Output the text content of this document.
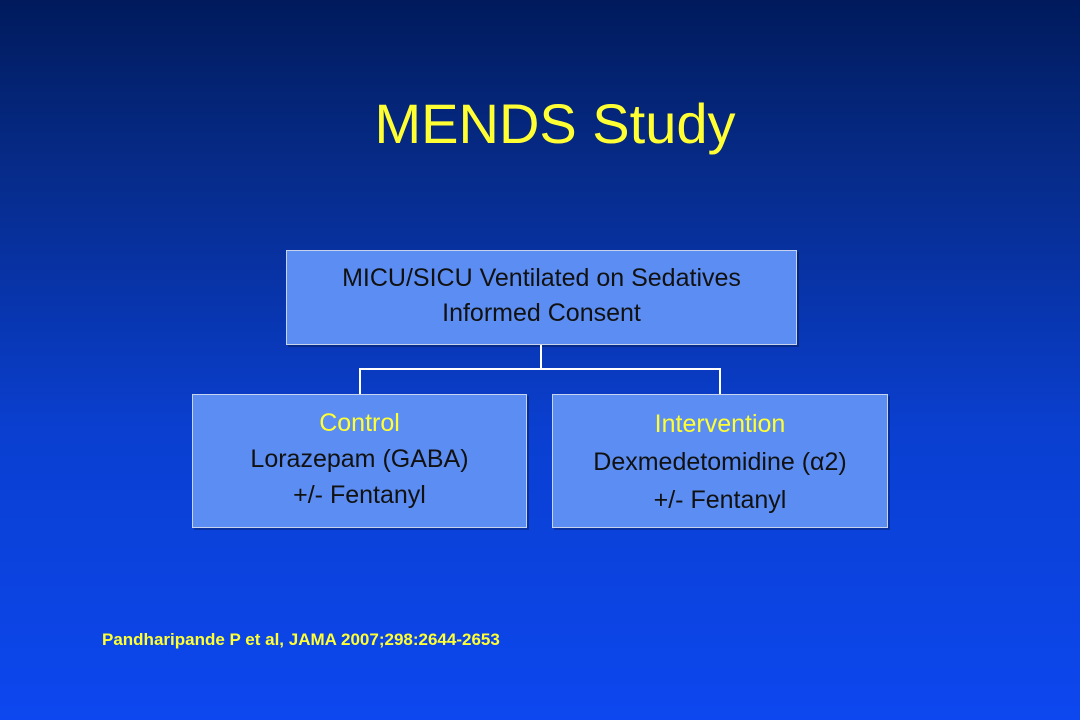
MENDS Study
MICU/SICU Ventilated on Sedatives
Informed Consent
Control
Lorazepam (GABA)
+/- Fentanyl
Intervention
Dexmedetomidine (α2)
+/- Fentanyl
Pandharipande P et al, JAMA 2007;298:2644-2653
